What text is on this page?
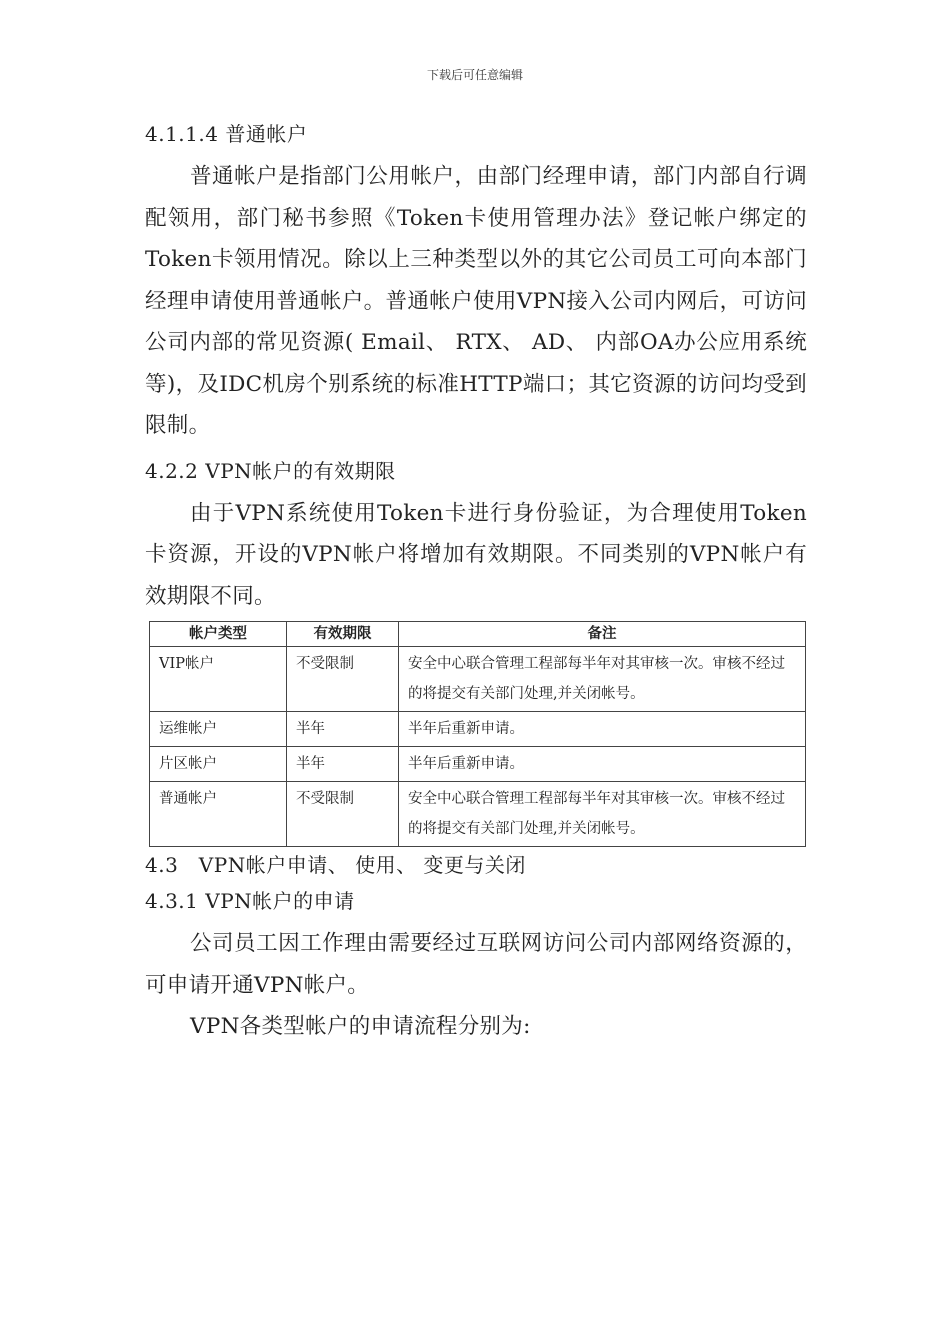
下载后可任意编辑
4.1.1.4 普通帐户

普通帐户是指部门公用帐户，由部门经理申请，部门内部自行调配领用，部门秘书参照《Token卡使用管理办法》登记帐户绑定的Token卡领用情况。除以上三种类型以外的其它公司员工可向本部门经理申请使用普通帐户。普通帐户使用VPN接入公司内网后，可访问公司内部的常见资源( Email、 RTX、 AD、 内部OA办公应用系统等)，及IDC机房个别系统的标准HTTP端口；其它资源的访问均受到限制。

4.2.2 VPN帐户的有效期限

由于VPN系统使用Token卡进行身份验证，为合理使用Token卡资源，开设的VPN帐户将增加有效期限。不同类别的VPN帐户有效期限不同。

帐户类型	有效期限	备注
VIP帐户	不受限制	安全中心联合管理工程部每半年对其审核一次。审核不经过的将提交有关部门处理,并关闭帐号。
运维帐户	半年	半年后重新申请。
片区帐户	半年	半年后重新申请。
普通帐户	不受限制	安全中心联合管理工程部每半年对其审核一次。审核不经过的将提交有关部门处理,并关闭帐号。
4.3　VPN帐户申请、 使用、 变更与关闭
4.3.1 VPN帐户的申请

公司员工因工作理由需要经过互联网访问公司内部网络资源的，可申请开通VPN帐户。

VPN各类型帐户的申请流程分别为:
